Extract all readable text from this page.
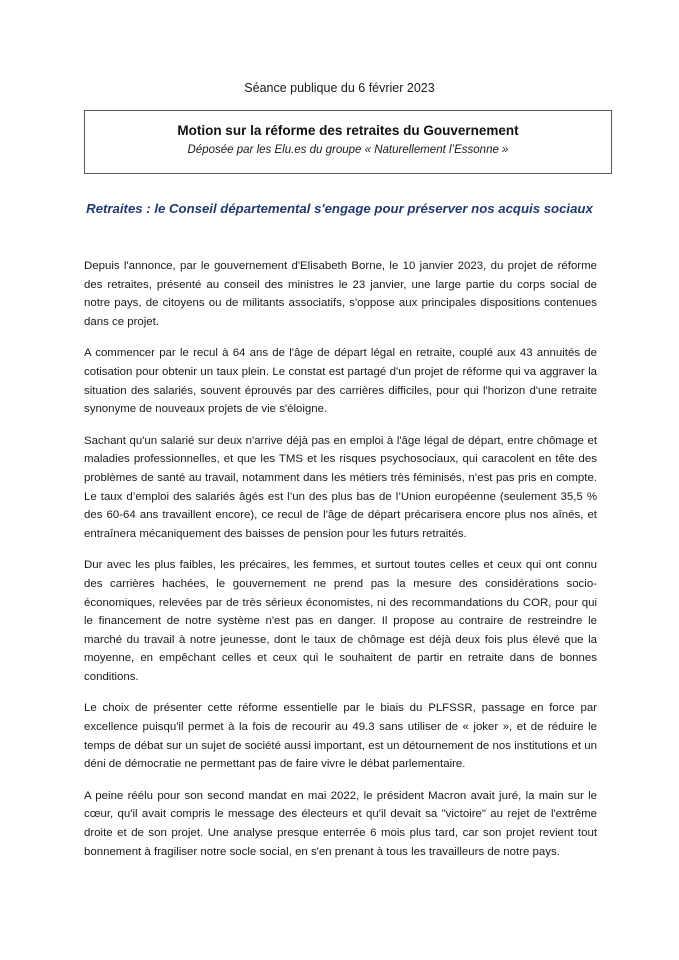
Séance publique du 6 février 2023
Motion sur la réforme des retraites du Gouvernement
Déposée par les Elu.es du groupe « Naturellement l’Essonne »
Retraites : le Conseil départemental s'engage pour préserver nos acquis sociaux

Depuis l'annonce, par le gouvernement d'Elisabeth Borne, le 10 janvier 2023, du projet de réforme des retraites, présenté au conseil des ministres le 23 janvier, une large partie du corps social de notre pays, de citoyens ou de militants associatifs, s'oppose aux principales dispositions contenues dans ce projet.

A commencer par le recul à 64 ans de l'âge de départ légal en retraite, couplé aux 43 annuités de cotisation pour obtenir un taux plein. Le constat est partagé d'un projet de réforme qui va aggraver la situation des salariés, souvent éprouvés par des carrières difficiles, pour qui l'horizon d'une retraite synonyme de nouveaux projets de vie s'éloigne.

Sachant qu'un salarié sur deux n'arrive déjà pas en emploi à l'âge légal de départ, entre chômage et maladies professionnelles, et que les TMS et les risques psychosociaux, qui caracolent en tête des problèmes de santé au travail, notamment dans les métiers très féminisés, n’est pas pris en compte. Le taux d’emploi des salariés âgés est l’un des plus bas de l’Union européenne (seulement 35,5 % des 60-64 ans travaillent encore), ce recul de l'âge de départ précarisera encore plus nos aînés, et entraînera mécaniquement des baisses de pension pour les futurs retraités.

Dur avec les plus faibles, les précaires, les femmes, et surtout toutes celles et ceux qui ont connu des carrières hachées, le gouvernement ne prend pas la mesure des considérations socio-économiques, relevées par de très sérieux économistes, ni des recommandations du COR, pour qui le financement de notre système n'est pas en danger. Il propose au contraire de restreindre le marché du travail à notre jeunesse, dont le taux de chômage est déjà deux fois plus élevé que la moyenne, en empêchant celles et ceux qui le souhaitent de partir en retraite dans de bonnes conditions.

Le choix de présenter cette réforme essentielle par le biais du PLFSSR, passage en force par excellence puisqu'il permet à la fois de recourir au 49.3 sans utiliser de « joker », et de réduire le temps de débat sur un sujet de société aussi important, est un détournement de nos institutions et un déni de démocratie ne permettant pas de faire vivre le débat parlementaire.

A peine réélu pour son second mandat en mai 2022, le président Macron avait juré, la main sur le cœur, qu'il avait compris le message des électeurs et qu'il devait sa "victoire" au rejet de l'extrême droite et de son projet. Une analyse presque enterrée 6 mois plus tard, car son projet revient tout bonnement à fragiliser notre socle social, en s'en prenant à tous les travailleurs de notre pays.
